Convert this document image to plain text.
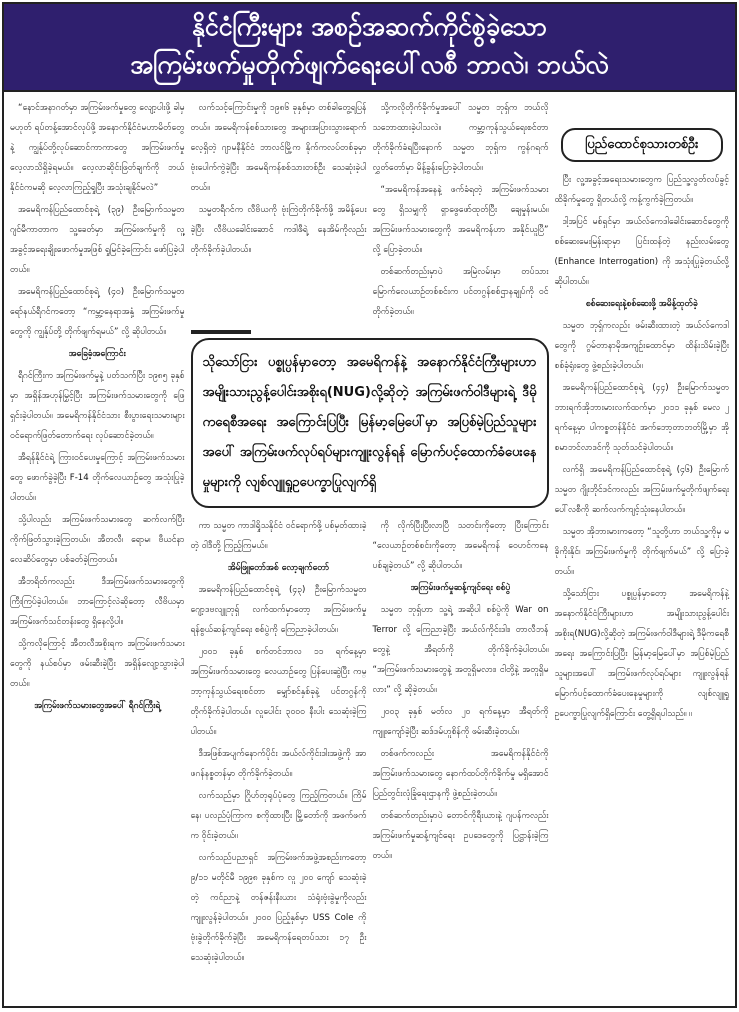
နိုင်ငံကြီးများ အစဉ်အဆက်ကိုင်စွဲခဲ့သော
အကြမ်းဖက်မှုတိုက်ဖျက်ရေးပေါ်လစီ ဘာလဲ၊ ဘယ်လဲ

“နောင်အနာဂတ်မှာ အကြမ်းဖက်မှုတွေ လျော့ပါးဖို့ ခါမှမဟုတ် ရပ်တန့်အောင်လုပ်ဖို့ အနောက်နိုင်ငံမဟာမိတ်တွေနဲ့ ကျွန်ုပ်တို့လုပ်ဆောင်ကာကာတွေ အကြမ်းဖက်မှု လေ့လာသိရှိခဲ့ရမယ်။ လေ့လာဆိုင်းဖြတ်ချက်ကို ဘယ်နိုင်ငံကမဆို လေ့လာကြည့်ရှုပြီး အသုံးချနိုင်မလဲ”

အမေရိကန်ပြည်ထောင်စုရဲ့ (၃၉) ဦးမြောက်သမ္မတ ဂျင်မီကာတာက သူ့ခေတ်မှာ အကြမ်းဖက်မှုကို လူ့အခွင့်အရေးချိုးဖောက်မှုအဖြစ် ရှုမြင်ခဲ့ကြောင်း ဖော်ပြခဲ့ပါတယ်။

အမေရိကန်ပြည်ထောင်စုရဲ့ (၄၀) ဦးမြောက်သမ္မတ ရော်နယ်ရီဂင်ကတော့ “ကမ္ဘာ့နေရာအနှံ့ အကြမ်းဖက်မှုတွေကို ကျွန်ုပ်တို့ တိုက်ဖျက်ရမယ်” လို့ ဆိုပါတယ်။

အခြေခံ့အကြောင်း

ရီဂင်ကြီးက အကြမ်းဖက်မှုနဲ့ ပတ်သက်ပြီး ၁၉၈၅ ခုနှစ်မှာ အရှိန်အဟုန်မြှင့်ပြီး အကြမ်းဖက်သမားတွေကို ဖြေရှင်းခဲ့ပါတယ်။ အမေရိကန်နိုင်ငံသား စီးပွားရေးသမားများ ဝင်ရောက်ဖြတ်တောက်ရေး လုပ်ဆောင်ခဲ့တယ်။

အီရန်နိုင်ငံရဲ့ ကြားဝင်ပေးမှုကြောင့် အကြမ်းဖက်သမားတွေ ဖောက်ခွဲခဲ့ပြီး F-14 တိုက်လေယာဉ်တွေ အသုံးပြုခဲ့ပါတယ်။

သို့ပါလည်း အကြမ်းဖက်သမားတွေ ဆက်လက်ပြီး ကိုက်ဖြတ်သွားခဲ့ကြတယ်။ အီတလီ၊ ရောမ၊ ဗီယင်နာ လေဆိပ်တွေမှာ ပစ်ခတ်ခဲ့ကြတယ်။

အီဘရိတ်ကလည်း ဒီအကြမ်းဖက်သမားတွေကို ကြီးကြပ်ခဲ့ပါတယ်။ ဘာကြောင့်လဲဆိုတော့ လီဗိယမှာ အကြမ်းဖက်သင်တန်းတွေ ရှိနေလို့ပါ။

သို့ကလိုကြောင့် အီတလီအစိုးရက အကြမ်းဖက်သမားတွေကို နယ်စပ်မှာ ဖမ်းဆီးခဲ့ပြီး အရှိန်လျော့သွားခဲ့ပါတယ်။

အကြမ်းဖက်သမားတွေအပေါ် ရီဂင်ကြီးရဲ့

လက်သင့်ကြောင်းမှုကို ၁၉၈၆ ခုနှစ်မှာ တစ်ခါတွေ့ရပြန်တယ်။ အမေရိကန်စစ်သားတွေ အများအပြားသွားရောက်လေ့ရှိတဲ့ ဂျာမနီနိုင်ငံ ဘာလင်မြို့က နိုက်ကလပ်တစ်ခုမှာ ဗုံးပေါက်ကွဲခဲ့ပြီး အမေရိကန်စစ်သားတစ်ဦး သေဆုံးခဲ့ပါတယ်။

သမ္မတရီဂင်က လီဗိယကို ဗုံးကြဲတိုက်ခိုက်ဖို့ အမိန့်ပေးခဲ့ပြီး လီဗိယခေါင်းဆောင် ကဒါဖီရဲ့ နေအိမ်ကိုလည်း တိုက်ခိုက်ခဲ့ပါတယ်။

သို့ကလိုတိုက်ခိုက်မှုအပေါ် သမ္မတ ဘုရှ်က ဘယ်လိုသဘောထားခဲ့ပါသလဲ။ ကမ္ဘာ့ကုန်သွယ်ရေးစင်တာ တိုက်ခိုက်ခံရပြီးနောက် သမ္မတ ဘုရှ်က ကွန်ဂရက်လွှတ်တော်မှာ မိန့်ခွန်းပြောခဲ့ပါတယ်။

“အမေရိကန်အနေနဲ့ ဖက်ခံရတဲ့ အကြမ်းဖက်သမားတွေ ရှိသမျှကို ရှာဖွေဖော်ထုတ်ပြီး ချေမှုန်းမယ်။ အကြမ်းဖက်သမားတွေကို အမေရိကန်ဟာ အနိုင်ယူပြီ” လို့ ပြောခဲ့တယ်။

တစ်ဆက်တည်းမှာပဲ အမြဲလမ်းမှာ တပ်သား မြောက်လေယာဉ်တစ်စင်းက ပင်တဂွန်စစ်ဌာနချုပ်ကို ဝင်တိုက်ခဲ့တယ်။

သိုသော်ငြား ပစ္စုပ္ပန်မှာတော့ အမေရိကန်နဲ့ အနောက်နိုင်ငံကြီးများဟာ အမျိုးသားညွန့်ပေါင်းအစိုးရ(NUG)လို့ဆိုတဲ့ အကြမ်းဖက်ဝါဒီများရဲ့ ဒီမိုကရေစီအရေး အကြောင်းပြပြီး မြန်မာ့မြေပေါ်မှာ အပြစ်မဲ့ပြည်သူများအပေါ် အကြမ်းဖက်လုပ်ရပ်များကျူးလွန်ရန် မြောက်ပင့်ထောက်ခံပေးနေမှုများကို လျစ်လျူရှုဥပေက္ခာပြုလျက်ရှိ

ကာ သမ္မတ ကာဒါရှိုသနိုင်ငံ ဝင်ရောက်ဖို့ ပစ်မှတ်ထားခဲ့တဲ့ ဝါဒီတို့ ကြည့်ကြမယ်။

အိမ်ဖြူတော်အစ် လော့ချက်တော်

အမေရိကန်ပြည်ထောင်စုရဲ့ (၄၃) ဦးမြောက်သမ္မတ ဂျော့ဒဗလျူဘုရှ် လက်ထက်မှာတော့ အကြမ်းဖက်မှု ရန်စွယ်ဆန့်ကျင်ရေး စစ်ပွဲကို ကြေညာခဲ့ပါတယ်။

၂၀၀၁ ခုနှစ် စက်တင်ဘာလ ၁၁ ရက်နေ့မှာ အကြမ်းဖက်သမားတွေ လေယာဉ်တွေ ပြန်ပေးဆွဲပြီး ကမ္ဘာ့ကုန်သွယ်ရေးစင်တာ မျှော်စင်နှစ်ခုနဲ့ ပင်တဂွန်ကို တိုက်ခိုက်ခဲ့ပါတယ်။ လူပေါင်း ၃၀၀၀ နီးပါး သေဆုံးခဲ့ကြပါတယ်။

ဒီအဖြစ်အပျက်နောက်ပိုင်း အယ်လ်ကိုင်းဒါးအဖွဲ့ကို အာဖဂန်နစ္စတန်မှာ တိုက်ခိုက်ခဲ့တယ်။

လက်သည်မှာ ဂြိုဟ်တုရုပ်ပုံတွေ ကြည့်ကြတယ်။ ကြိမ်နေ၊ ပလည်ပုံကြာက စကိုထားပြီး မြို့တော်ကို အဖက်ဖက်က ဝိုင်းခဲ့တယ်။

လက်သည်ပညာရှင် အကြမ်းဖက်အဖွဲ့အစည်းကတော့ ၉/၁၁ မတိုင်မီ ၁၉၉၈ ခုနှစ်က လူ ၂၀၀ ကျော် သေဆုံးခဲ့တဲ့ ကင်ညာနဲ့ တန်ဇန်းနီးယား သံရုံးဗုံးခွဲမှုကိုလည်း ကျူးလွန်ခဲ့ပါတယ်။ ၂၀၀၀ ပြည့်နှစ်မှာ USS Cole ကို ဗုံးခွဲတိုက်ခိုက်ခဲ့ပြီး အမေရိကန်ရေတပ်သား ၁၇ ဦး သေဆုံးခဲ့ပါတယ်။

ကို လိုက်ပြီးပြီးလာပြီ သတင်းကိုတော့ ပြီးကြောင်း “လေယာဉ်တစ်စင်းကိုတော့ အမေရိကန် ဝေဟင်ကနေ ပစ်ချခဲ့တယ်” လို့ ဆိုပါတယ်။

အကြမ်းဖက်မှုဆန့်ကျင်ရေး စစ်ပွဲ

သမ္မတ ဘုရှ်ဟာ သူ့ရဲ့ အဆိုပါ စစ်ပွဲကို War on Terror လို့ ကြေညာခဲ့ပြီး အယ်လ်ကိုင်းဒါး၊ တာလီဘန်တွေနဲ့ အီရတ်ကို တိုက်ခိုက်ခဲ့ပါတယ်။ “အကြမ်းဖက်သမားတွေနဲ့ အတူရှိမလား၊ ငါတို့နဲ့ အတူရှိမလား” လို့ ဆိုခဲ့တယ်။

၂၀၀၃ ခုနှစ် မတ်လ ၂၀ ရက်နေ့မှာ အီရတ်ကို ကျူးကျော်ခဲ့ပြီး ဆဒ်ဒမ်ဟူစိန်ကို ဖမ်းဆီးခဲ့တယ်။

တစ်ဖက်ကလည်း အမေရိကန်နိုင်ငံကို အကြမ်းဖက်သမားတွေ နောက်ထပ်တိုက်ခိုက်မှု မရှိအောင် ပြည်တွင်းလုံခြုံရေးဌာနကို ဖွဲ့စည်းခဲ့တယ်။

တစ်ဆက်တည်းမှာပဲ တောင်ကိုရီးယားနဲ့ ဂျပန်ကလည်း အကြမ်းဖက်မှုဆန့်ကျင်ရေး ဥပဒေတွေကို ပြဋ္ဌာန်းခဲ့ကြတယ်။

ပြည်ထောင်စုသားတစ်ဦး

ပြီး လူ့အခွင့်အရေးသမားတွေက ပြည်သူ့လွတ်လပ်ခွင့် ထိခိုက်မှုတွေ ရှိတယ်လို့ ကန့်ကွက်ခဲ့ကြတယ်။

ဒါ့အပြင် မစ်ရှင်မှာ အယ်လ်ကေဒါခေါင်းဆောင်တွေကို စစ်ဆေးမေးမြန်းရာမှာ ပြင်းထန်တဲ့ နည်းလမ်းတွေ (Enhance Interrogation) ကို အသုံးပြုခဲ့တယ်လို့ ဆိုပါတယ်။

စစ်ဆေးရေးနဲ့စစ်ဆေးဖို့ အမိန့်ထုတ်ခဲ့

သမ္မတ ဘုရှ်ကလည်း ဖမ်းဆီးထားတဲ့ အယ်လ်ကေဒါတွေကို ဂွမ်တာနာမိုအကျဉ်းထောင်မှာ ထိန်းသိမ်းခဲ့ပြီး စစ်ခုံရုံးတွေ ဖွဲ့စည်းခဲ့ပါတယ်။

အမေရိကန်ပြည်ထောင်စုရဲ့ (၄၄) ဦးမြောက်သမ္မတ ဘားရက်အိုဘားမားလက်ထက်မှာ ၂၀၁၁ ခုနှစ် မေလ ၂ ရက်နေ့မှာ ပါကစ္စတန်နိုင်ငံ အက်ဘော့တာဘတ်မြို့မှာ အိုစမာဘင်လာဒင်ကို သုတ်သင်ခဲ့ပါတယ်။

လက်ရှိ အမေရိကန်ပြည်ထောင်စုရဲ့ (၄၆) ဦးမြောက်သမ္မတ ဂျိုးဘိုင်ဒင်ကလည်း အကြမ်းဖက်မှုတိုက်ဖျက်ရေး ပေါ်လစီကို ဆက်လက်ကျင့်သုံးနေပါတယ်။

သမ္မတ အိုဘားမားကတော့ “သူတို့ဟာ ဘယ်သူ့ကိုမှ မခိုကိုးနိုင်၊ အကြမ်းဖက်မှုကို တိုက်ဖျက်မယ်” လို့ ပြောခဲ့တယ်။

သို့သော်ငြား ပစ္စုပ္ပန်မှာတော့ အမေရိကန်နဲ့ အနောက်နိုင်ငံကြီးများဟာ အမျိုးသားညွန့်ပေါင်းအစိုးရ(NUG)လို့ဆိုတဲ့ အကြမ်းဖက်ဝါဒီများရဲ့ ဒီမိုကရေစီအရေး အကြောင်းပြပြီး မြန်မာ့မြေပေါ်မှာ အပြစ်မဲ့ပြည်သူများအပေါ် အကြမ်းဖက်လုပ်ရပ်များ ကျူးလွန်ရန် မြောက်ပင့်ထောက်ခံပေးနေမှုများကို လျစ်လျူရှုဥပေက္ခာပြုလျက်ရှိကြောင်း တွေ့ရှိရပါသည်။ ။
